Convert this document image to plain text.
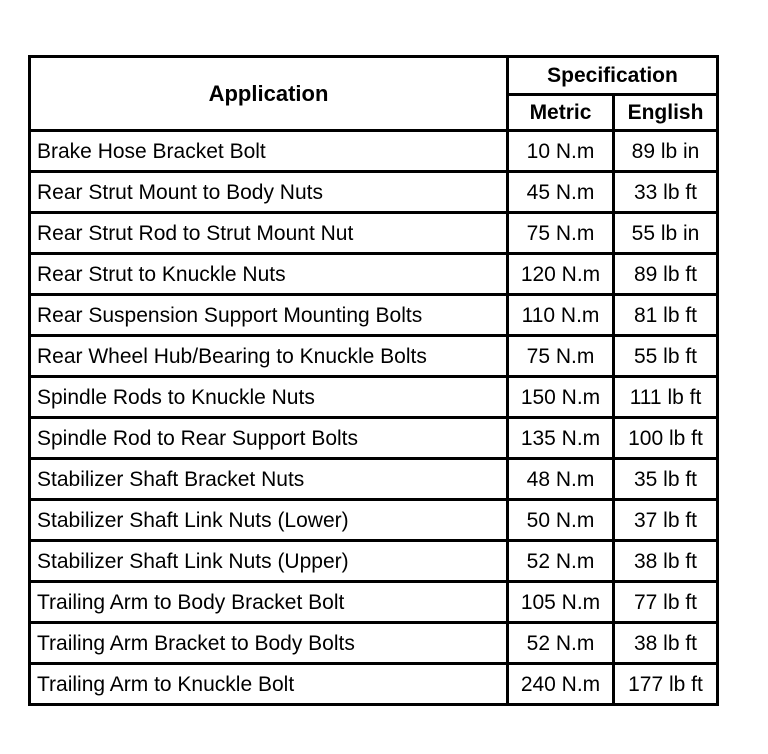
Application	Specification	
	Metric	English
Brake Hose Bracket Bolt	10 N.m	89 lb in
Rear Strut Mount to Body Nuts	45 N.m	33 lb ft
Rear Strut Rod to Strut Mount Nut	75 N.m	55 lb in
Rear Strut to Knuckle Nuts	120 N.m	89 lb ft
Rear Suspension Support Mounting Bolts	110 N.m	81 lb ft
Rear Wheel Hub/Bearing to Knuckle Bolts	75 N.m	55 lb ft
Spindle Rods to Knuckle Nuts	150 N.m	111 lb ft
Spindle Rod to Rear Support Bolts	135 N.m	100 lb ft
Stabilizer Shaft Bracket Nuts	48 N.m	35 lb ft
Stabilizer Shaft Link Nuts (Lower)	50 N.m	37 lb ft
Stabilizer Shaft Link Nuts (Upper)	52 N.m	38 lb ft
Trailing Arm to Body Bracket Bolt	105 N.m	77 lb ft
Trailing Arm Bracket to Body Bolts	52 N.m	38 lb ft
Trailing Arm to Knuckle Bolt	240 N.m	177 lb ft
